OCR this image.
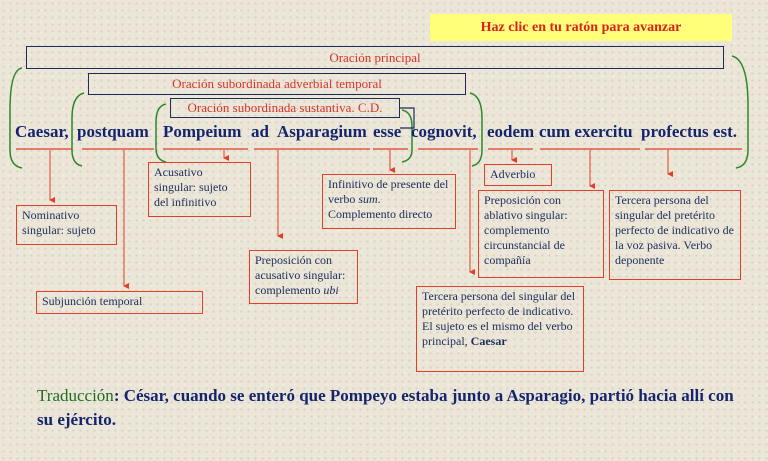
Haz clic en tu ratón para avanzar
Oración principal
Oración subordinada adverbial temporal
Oración subordinada sustantiva. C.D.
Caesar, postquam Pompeium ad Asparagium esse cognovit, eodem cum exercitu profectus est.
Nominativo singular: sujeto
Subjunción temporal
Acusativo singular: sujeto del infinitivo
Preposición con acusativo singular: complemento ubi
Infinitivo de presente del verbo sum. Complemento directo
Tercera persona del singular del pretérito perfecto de indicativo. El sujeto es el mismo del verbo principal, Caesar
Adverbio
Preposición con ablativo singular: complemento circunstancial de compañía
Tercera persona del singular del pretérito perfecto de indicativo de la voz pasiva. Verbo deponente
Traducción: César, cuando se enteró que Pompeyo estaba junto a Asparagio, partió hacia allí con su ejército.
